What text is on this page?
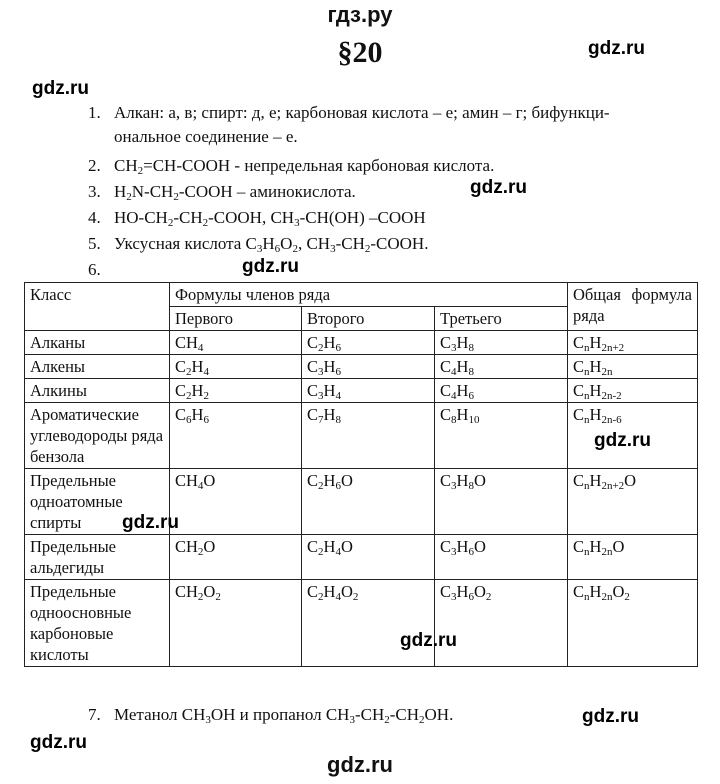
гдз.ру
§20	gdz.ru
gdz.ru
1. Алкан: а, в; спирт: д, е; карбоновая кислота – е; амин – г; бифункци-
ональное соединение – е.
2. $CH_2=CH$-COOH - непредельная карбоновая кислота.
3. $H_2N-CH_2$-COOH – аминокислота.	gdz.ru
4. $HO-CH_2-CH_2$-COOH, $CH_3-CH(OH)$ –COOH
5. Уксусная кислота $C_3H_6O_2$, $CH_3-CH_2$-COOH.
6.	gdz.ru
Класс	Формулы членов ряда			Общая формула ряда
	Первого	Второго	Третьего	
Алканы	$CH_4$	$C_2H_6$	$C_3H_8$	$C_nH_{2n+2}$
Алкены	$C_2H_4$	$C_3H_6$	$C_4H_8$	$C_nH_{2n}$
Алкины	$C_2H_2$	$C_3H_4$	$C_4H_6$	$C_nH_{2n-2}$
Ароматические углеводороды ряда бензола	$C_6H_6$	$C_7H_8$	$C_8H_{10}$	$C_nH_{2n-6}$
Предельные одноатомные спирты	$CH_4O$	$C_2H_6O$	$C_3H_8O$	$C_nH_{2n+2}O$
Предельные альдегиды	$CH_2O$	$C_2H_4O$	$C_3H_6O$	$C_nH_{2n}O$
Предельные одноосновные карбоновые кислоты	$CH_2O_2$	$C_2H_4O_2$	$C_3H_6O_2$	$C_nH_{2n}O_2$
gdz.ru
gdz.ru
gdz.ru
7. Метанол $CH_3OH$ и пропанол $CH_3-CH_2-CH_2OH$.	gdz.ru
gdz.ru
gdz.ru
